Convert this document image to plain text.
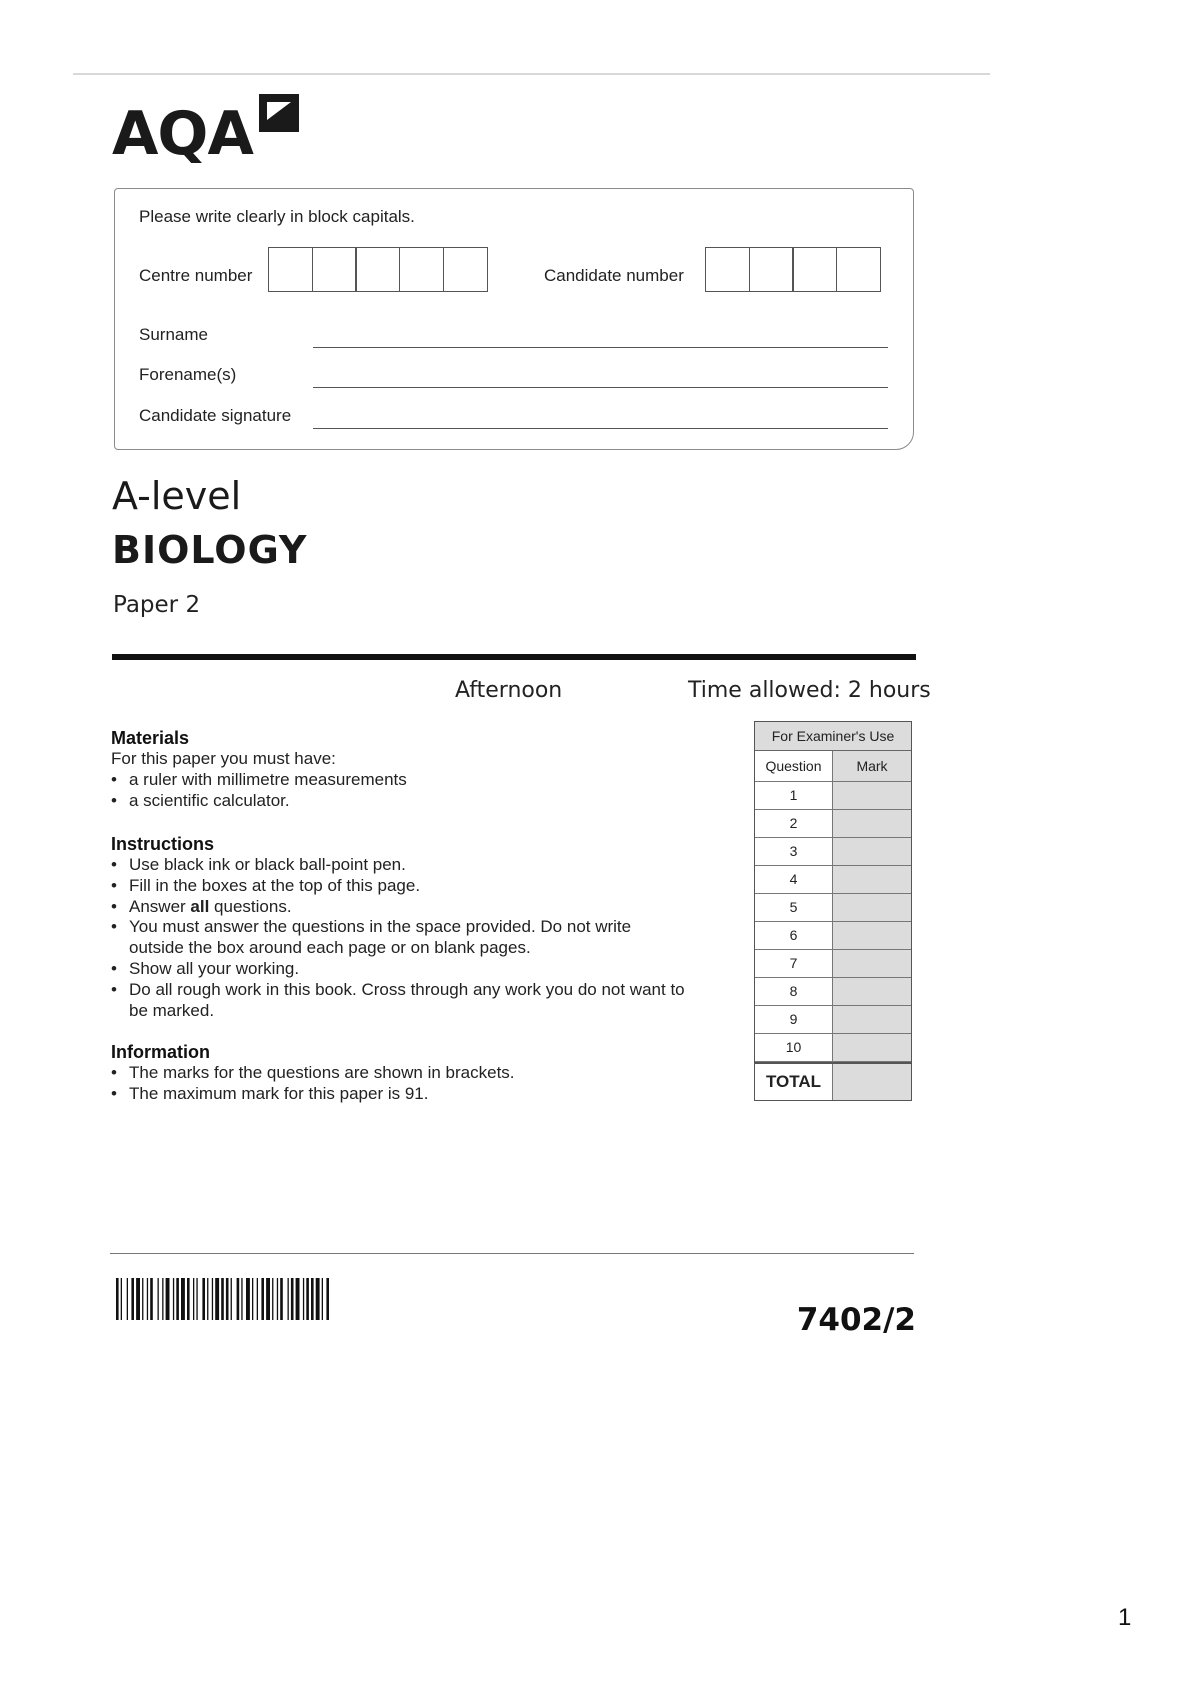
AQA
Please write clearly in block capitals.
Centre number	Candidate number
Surname
Forename(s)
Candidate signature
A-level
BIOLOGY
Paper 2
Afternoon	Time allowed: 2 hours
Materials
For this paper you must have:
• a ruler with millimetre measurements
• a scientific calculator.
Instructions
• Use black ink or black ball-point pen.
• Fill in the boxes at the top of this page.
• Answer all questions.
• You must answer the questions in the space provided. Do not write outside the box around each page or on blank pages.
• Show all your working.
• Do all rough work in this book. Cross through any work you do not want to be marked.
Information
• The marks for the questions are shown in brackets.
• The maximum mark for this paper is 91.
For Examiner's Use
Question	Mark
1
2
3
4
5
6
7
8
9
10
TOTAL
7402/2
1
